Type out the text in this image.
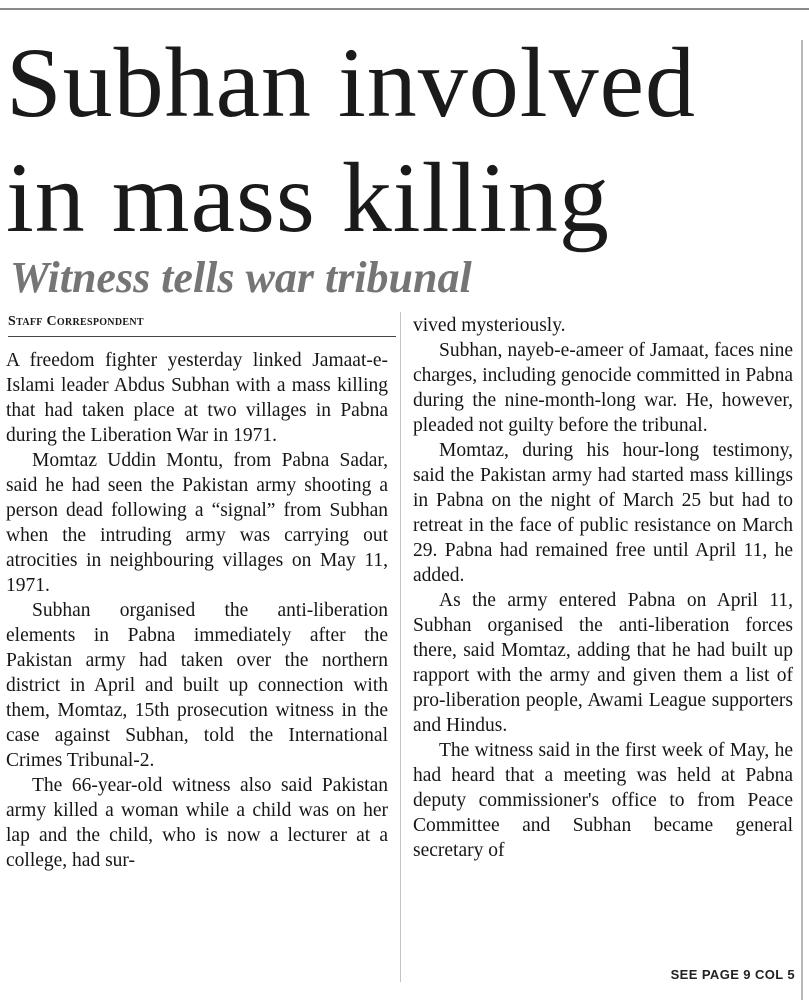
Subhan involved
in mass killing
Witness tells war tribunal
Staff Correspondent

A freedom fighter yesterday linked Jamaat-e-Islami leader Abdus Subhan with a mass killing that had taken place at two villages in Pabna during the Liberation War in 1971.

Momtaz Uddin Montu, from Pabna Sadar, said he had seen the Pakistan army shooting a person dead following a “signal” from Subhan when the intruding army was carrying out atrocities in neighbouring villages on May 11, 1971.

Subhan organised the anti-liberation elements in Pabna immediately after the Pakistan army had taken over the northern district in April and built up connection with them, Momtaz, 15th prosecution witness in the case against Subhan, told the International Crimes Tribunal-2.

The 66-year-old witness also said Pakistan army killed a woman while a child was on her lap and the child, who is now a lecturer at a college, had sur-

vived mysteriously.

Subhan, nayeb-e-ameer of Jamaat, faces nine charges, including genocide committed in Pabna during the nine-month-long war. He, however, pleaded not guilty before the tribunal.

Momtaz, during his hour-long testimony, said the Pakistan army had started mass killings in Pabna on the night of March 25 but had to retreat in the face of public resistance on March 29. Pabna had remained free until April 11, he added.

As the army entered Pabna on April 11, Subhan organised the anti-liberation forces there, said Momtaz, adding that he had built up rapport with the army and given them a list of pro-liberation people, Awami League supporters and Hindus.

The witness said in the first week of May, he had heard that a meeting was held at Pabna deputy commissioner's office to from Peace Committee and Subhan became general secretary of

SEE PAGE 9 COL 5
